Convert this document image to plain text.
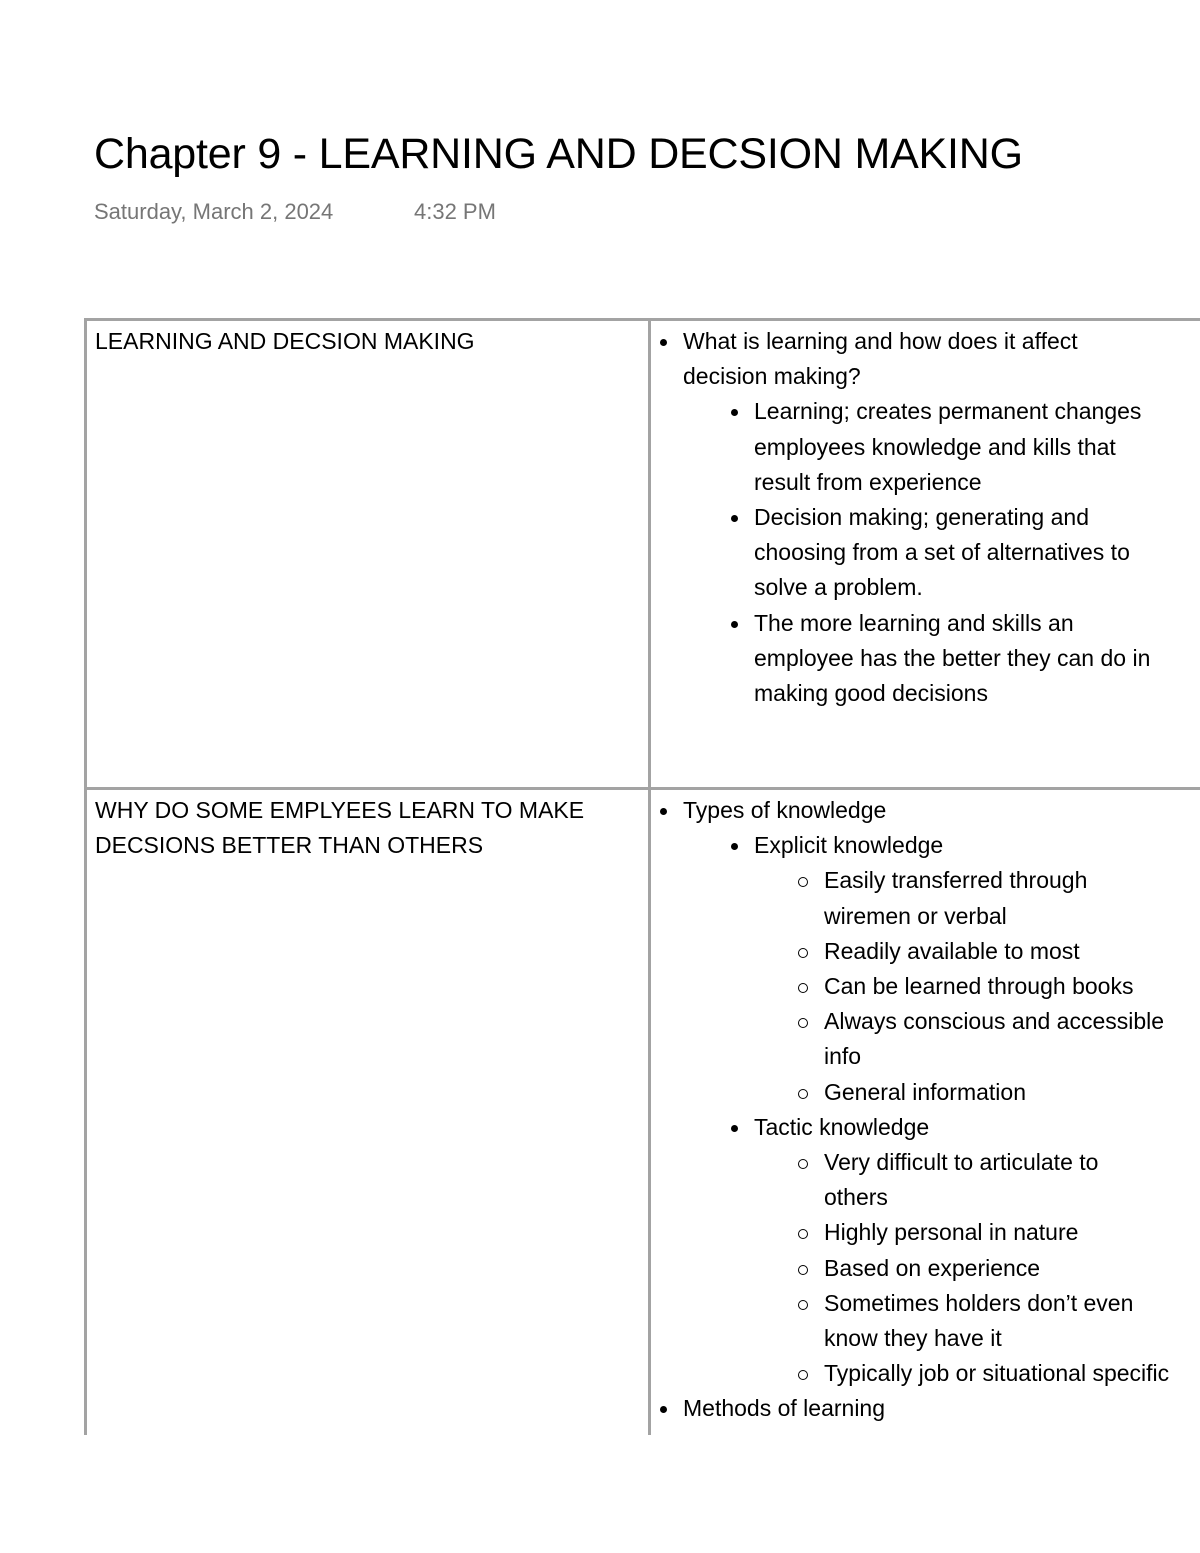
Chapter 9 - LEARNING AND DECSION MAKING
Saturday, March 2, 2024	4:32 PM
LEARNING AND DECSION MAKING	What is learning and how does it affect
decision making?
Learning; creates permanent changes
employees knowledge and kills that
result from experience
Decision making; generating and
choosing from a set of alternatives to
solve a problem.
The more learning and skills an
employee has the better they can do in
making good decisions
WHY DO SOME EMPLYEES LEARN TO MAKE
DECSIONS BETTER THAN OTHERS
Types of knowledge
Explicit knowledge
Easily transferred through
wiremen or verbal
Readily available to most
Can be learned through books
Always conscious and accessible
info
General information
Tactic knowledge
Very difficult to articulate to
others
Highly personal in nature
Based on experience
Sometimes holders don’t even
know they have it
Typically job or situational specific
Methods of learning
